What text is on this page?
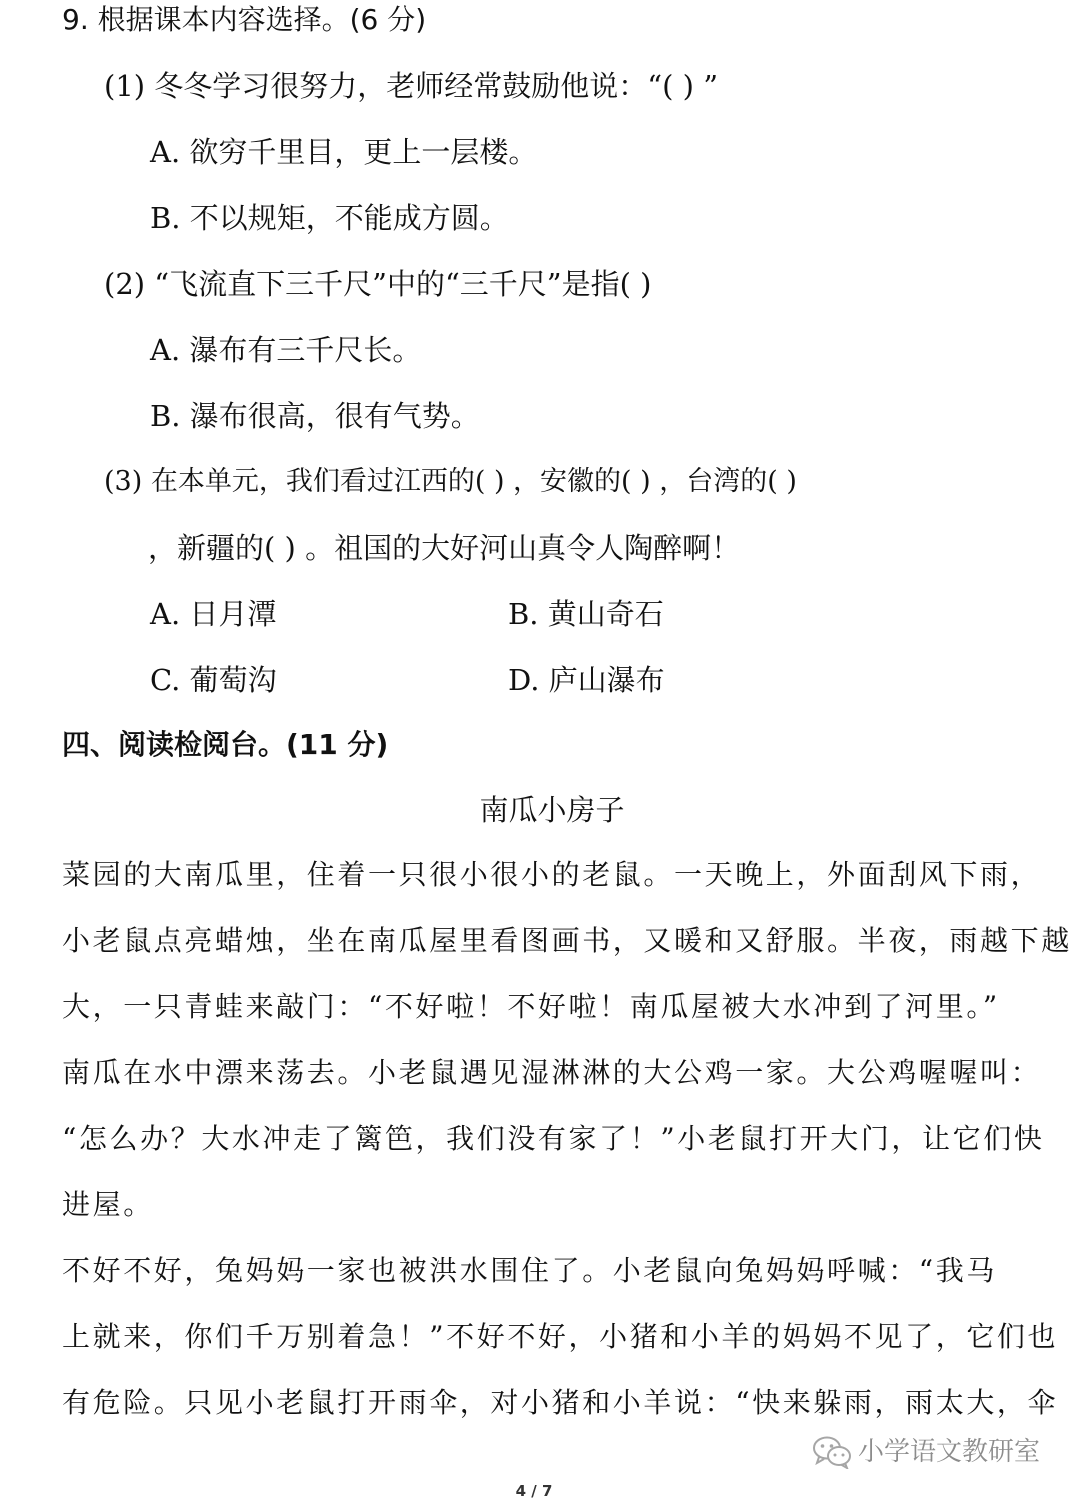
9. 根据课本内容选择。(6 分)
(1) 冬冬学习很努力，老师经常鼓励他说：“( ) ”
A. 欲穷千里目，更上一层楼。
B. 不以规矩，不能成方圆。
(2) “飞流直下三千尺”中的“三千尺”是指( )
A. 瀑布有三千尺长。
B. 瀑布很高，很有气势。
(3) 在本单元，我们看过江西的( ) ，安徽的( ) ，台湾的( )
，新疆的( ) 。祖国的大好河山真令人陶醉啊！
A. 日月潭	B. 黄山奇石
C. 葡萄沟	D. 庐山瀑布
四、阅读检阅台。(11 分)
南瓜小房子
菜园的大南瓜里，住着一只很小很小的老鼠。一天晚上，外面刮风下雨，
小老鼠点亮蜡烛，坐在南瓜屋里看图画书，又暖和又舒服。半夜，雨越下越
大，一只青蛙来敲门：“不好啦！不好啦！南瓜屋被大水冲到了河里。”
南瓜在水中漂来荡去。小老鼠遇见湿淋淋的大公鸡一家。大公鸡喔喔叫：
“怎么办？大水冲走了篱笆，我们没有家了！”小老鼠打开大门，让它们快
进屋。
不好不好，兔妈妈一家也被洪水围住了。小老鼠向兔妈妈呼喊：“我马
上就来，你们千万别着急！”不好不好，小猪和小羊的妈妈不见了，它们也
有危险。只见小老鼠打开雨伞，对小猪和小羊说：“快来躲雨，雨太大，伞
小学语文教研室
4 / 7
